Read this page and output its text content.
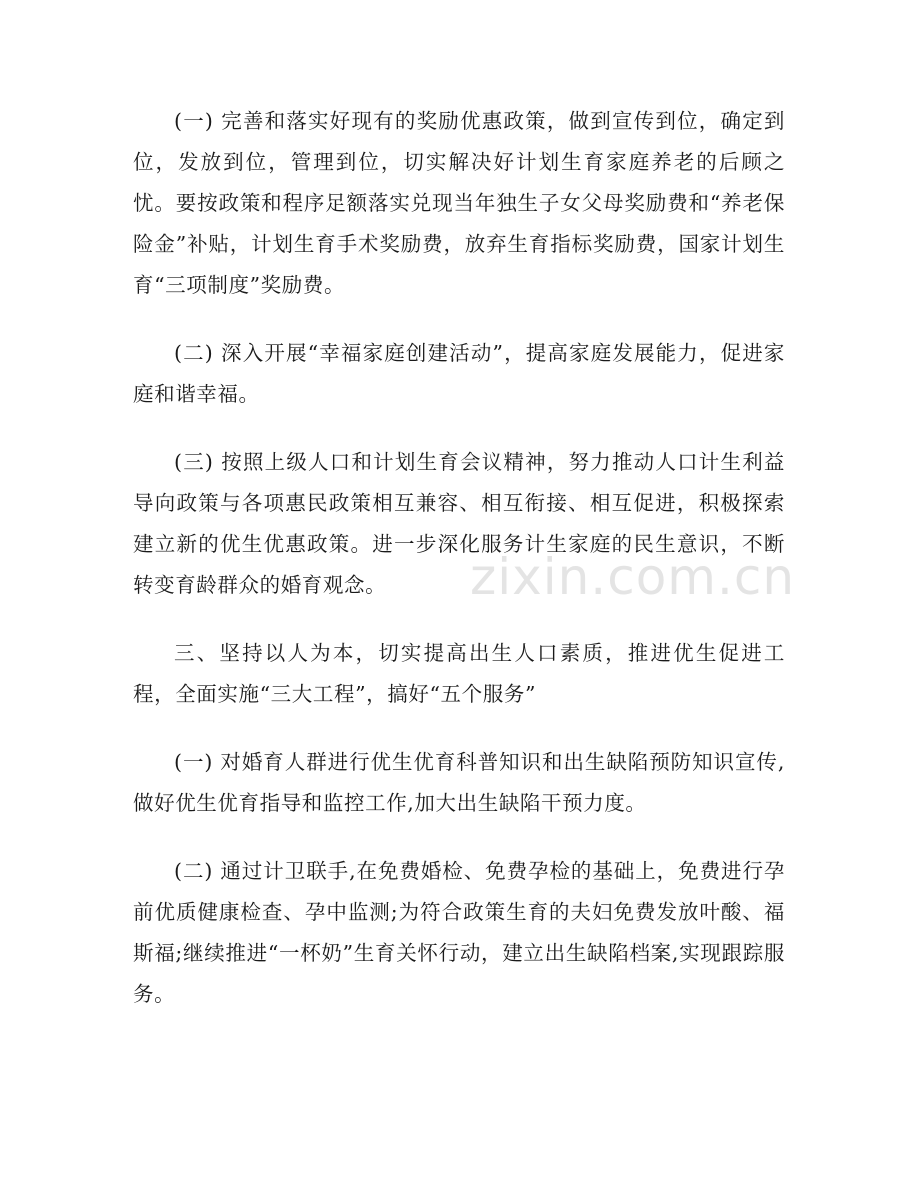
(一) 完善和落实好现有的奖励优惠政策，做到宣传到位，确定到位，发放到位，管理到位，切实解决好计划生育家庭养老的后顾之忧。要按政策和程序足额落实兑现当年独生子女父母奖励费和“养老保险金”补贴，计划生育手术奖励费，放弃生育指标奖励费，国家计划生育“三项制度”奖励费。

(二) 深入开展“幸福家庭创建活动”，提高家庭发展能力，促进家庭和谐幸福。

(三) 按照上级人口和计划生育会议精神，努力推动人口计生利益导向政策与各项惠民政策相互兼容、相互衔接、相互促进，积极探索建立新的优生优惠政策。进一步深化服务计生家庭的民生意识，不断转变育龄群众的婚育观念。

三、坚持以人为本，切实提高出生人口素质，推进优生促进工程，全面实施“三大工程”，搞好“五个服务”

(一) 对婚育人群进行优生优育科普知识和出生缺陷预防知识宣传,做好优生优育指导和监控工作,加大出生缺陷干预力度。

(二) 通过计卫联手,在免费婚检、免费孕检的基础上，免费进行孕前优质健康检查、孕中监测;为符合政策生育的夫妇免费发放叶酸、福斯福;继续推进“一杯奶”生育关怀行动，建立出生缺陷档案,实现跟踪服务。

zixin.com.cn
